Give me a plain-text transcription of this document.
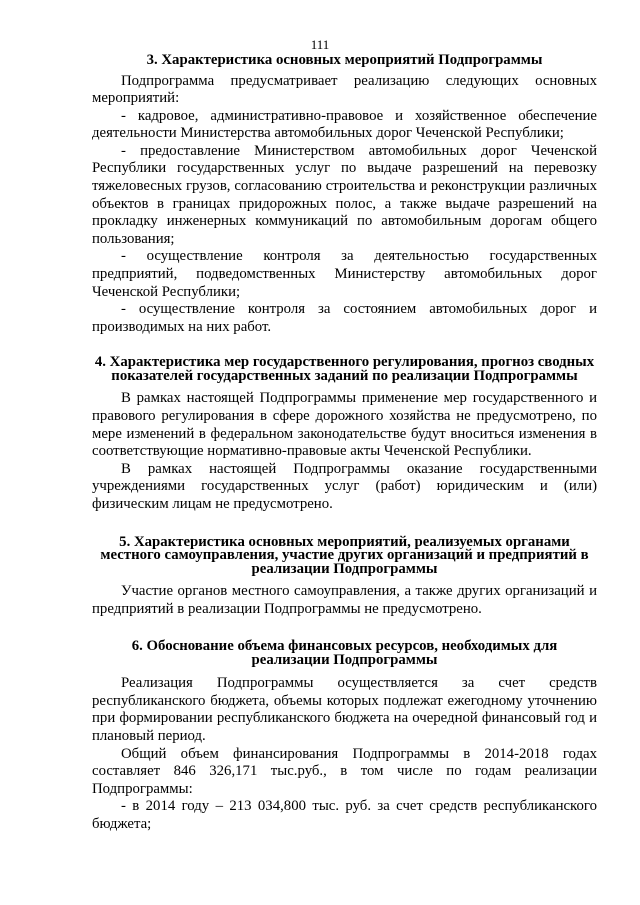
111
3. Характеристика основных мероприятий Подпрограммы

Подпрограмма предусматривает реализацию следующих основных мероприятий:

- кадровое, административно-правовое и хозяйственное обеспечение деятельности Министерства автомобильных дорог Чеченской Республики;

- предоставление Министерством автомобильных дорог Чеченской Республики государственных услуг по выдаче разрешений на перевозку тяжеловесных грузов, согласованию строительства и реконструкции различных объектов в границах придорожных полос, а также выдаче разрешений на прокладку инженерных коммуникаций по автомобильным дорогам общего пользования;

- осуществление контроля за деятельностью государственных предприятий, подведомственных Министерству автомобильных дорог Чеченской Республики;

- осуществление контроля за состоянием автомобильных дорог и производимых на них работ.

4. Характеристика мер государственного регулирования, прогноз сводных показателей государственных заданий по реализации Подпрограммы

В рамках настоящей Подпрограммы применение мер государственного и правового регулирования в сфере дорожного хозяйства не предусмотрено, по мере изменений в федеральном законодательстве будут вноситься изменения в соответствующие нормативно-правовые акты Чеченской Республики.

В рамках настоящей Подпрограммы оказание государственными учреждениями государственных услуг (работ) юридическим и (или) физическим лицам не предусмотрено.

5. Характеристика основных мероприятий, реализуемых органами местного самоуправления, участие других организаций и предприятий в реализации Подпрограммы

Участие органов местного самоуправления, а также других организаций и предприятий в реализации Подпрограммы не предусмотрено.

6. Обоснование объема финансовых ресурсов, необходимых для реализации Подпрограммы

Реализация Подпрограммы осуществляется за счет средств республиканского бюджета, объемы которых подлежат ежегодному уточнению при формировании республиканского бюджета на очередной финансовый год и плановый период.

Общий объем финансирования Подпрограммы в 2014-2018 годах составляет 846 326,171 тыс.руб., в том числе по годам реализации Подпрограммы:

- в 2014 году – 213 034,800 тыс. руб. за счет средств республиканского бюджета;
